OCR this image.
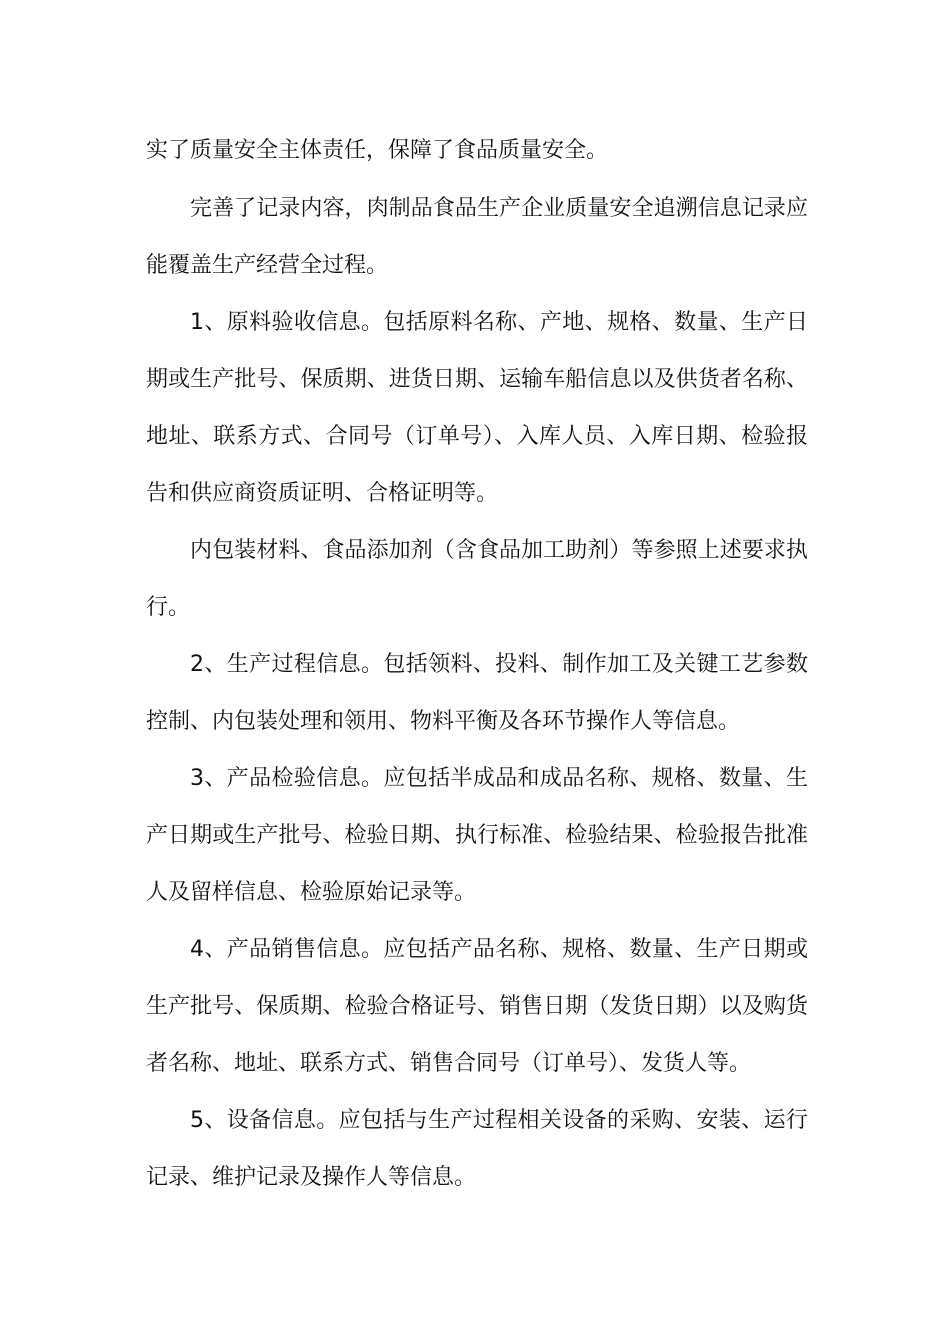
实了质量安全主体责任，保障了食品质量安全。

完善了记录内容，肉制品食品生产企业质量安全追溯信息记录应能覆盖生产经营全过程。

1、原料验收信息。包括原料名称、产地、规格、数量、生产日期或生产批号、保质期、进货日期、运输车船信息以及供货者名称、地址、联系方式、合同号（订单号）、入库人员、入库日期、检验报告和供应商资质证明、合格证明等。

内包装材料、食品添加剂（含食品加工助剂）等参照上述要求执行。

2、生产过程信息。包括领料、投料、制作加工及关键工艺参数控制、内包装处理和领用、物料平衡及各环节操作人等信息。

3、产品检验信息。应包括半成品和成品名称、规格、数量、生产日期或生产批号、检验日期、执行标准、检验结果、检验报告批准人及留样信息、检验原始记录等。

4、产品销售信息。应包括产品名称、规格、数量、生产日期或生产批号、保质期、检验合格证号、销售日期（发货日期）以及购货者名称、地址、联系方式、销售合同号（订单号）、发货人等。

5、设备信息。应包括与生产过程相关设备的采购、安装、运行记录、维护记录及操作人等信息。
